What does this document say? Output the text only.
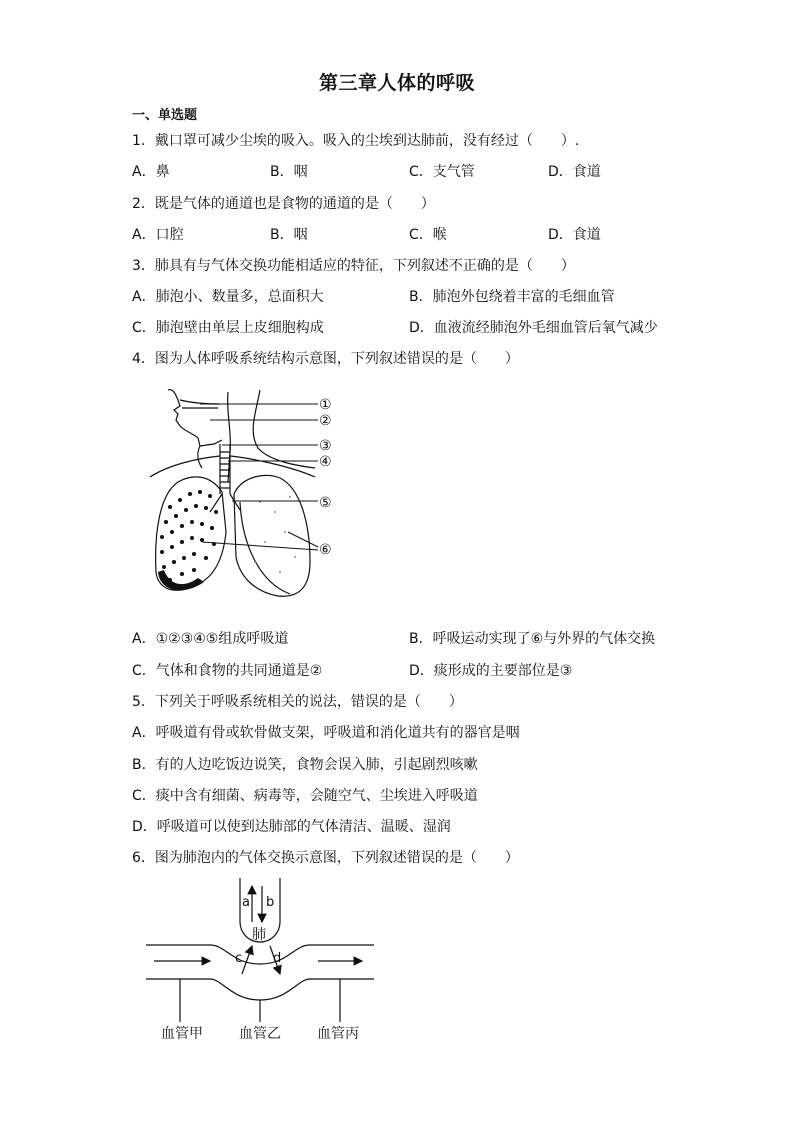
第三章人体的呼吸
一、单选题
1．戴口罩可减少尘埃的吸入。吸入的尘埃到达肺前，没有经过（　　）.
A．鼻	B．咽	C．支气管	D．食道
2．既是气体的通道也是食物的通道的是（　　）
A．口腔	B．咽	C．喉	D．食道
3．肺具有与气体交换功能相适应的特征，下列叙述不正确的是（　　）
A．肺泡小、数量多，总面积大	B．肺泡外包绕着丰富的毛细血管
C．肺泡壁由单层上皮细胞构成	D．血液流经肺泡外毛细血管后氧气减少
4．图为人体呼吸系统结构示意图，下列叙述错误的是（　　）
①
②
③
④
⑤
⑥
A．①②③④⑤组成呼吸道	B．呼吸运动实现了⑥与外界的气体交换
C．气体和食物的共同通道是②	D．痰形成的主要部位是③
5．下列关于呼吸系统相关的说法，错误的是（　　）
A．呼吸道有骨或软骨做支架，呼吸道和消化道共有的器官是咽
B．有的人边吃饭边说笑，食物会误入肺，引起剧烈咳嗽
C．痰中含有细菌、病毒等，会随空气、尘埃进入呼吸道
D．呼吸道可以使到达肺部的气体清洁、温暖、湿润
6．图为肺泡内的气体交换示意图，下列叙述错误的是（　　）
a b
肺
c d
血管甲	血管乙	血管丙
